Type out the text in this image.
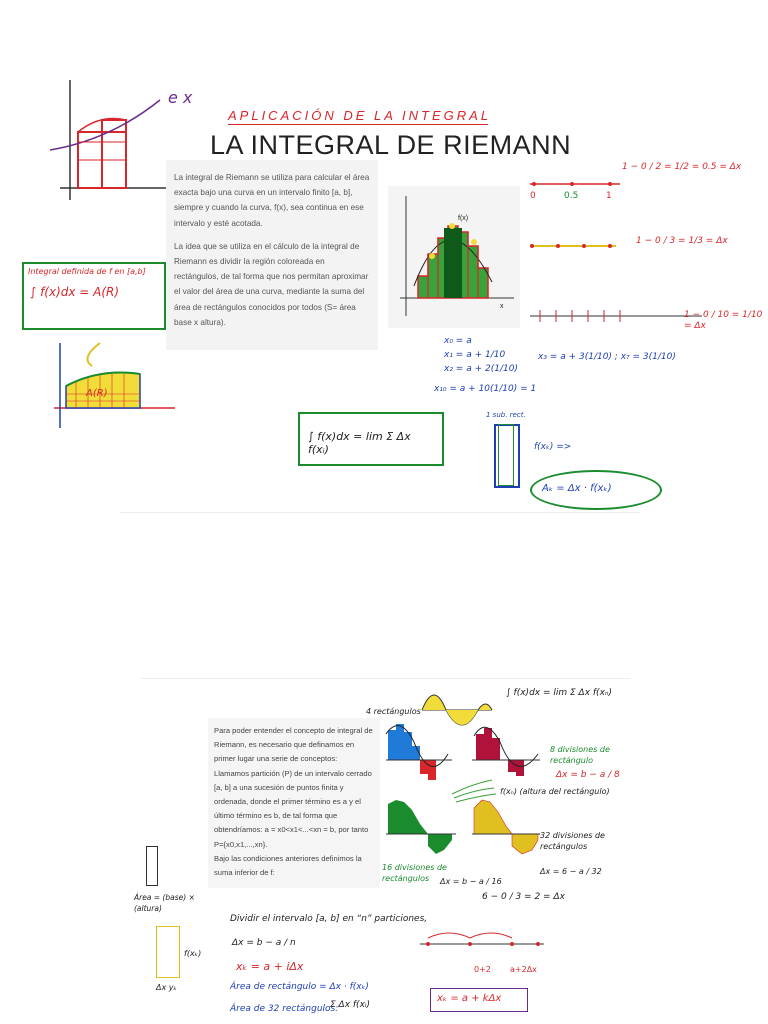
APLICACIÓN DE LA INTEGRAL
LA INTEGRAL DE RIEMANN
e x

La integral de Riemann se utiliza para calcular el área exacta bajo una curva en un intervalo finito [a, b], siempre y cuando la curva, f(x), sea continua en ese intervalo y esté acotada.

La idea que se utiliza en el cálculo de la integral de Riemann es dividir la región coloreada en rectángulos, de tal forma que nos permitan aproximar el valor del área de una curva, mediante la suma del área de rectángulos conocidos por todos (S= área base x altura).

Integral definida de f en [a,b]
∫ f(x)dx = A(R)
A(R)
f(x)
x
0	0.5	1
1 − 0 / 2 = 1/2 = 0.5 = Δx
1 − 0 / 3 = 1/3 = Δx
1 − 0 / 10 = 1/10 = Δx
x₀ = a
x₁ = a + 1/10
x₂ = a + 2(1/10)
x₁₀ = a + 10(1/10) = 1
x₃ = a + 3(1/10) ; x₇ = 3(1/10)
∫ f(x)dx = lim Σ Δx f(xᵢ)
1 sub. rect.
f(xₖ) =>
Aₖ = Δx · f(xₖ)

Para poder entender el concepto de integral de Riemann, es necesario que definamos en primer lugar una serie de conceptos: Llamamos partición (P) de un intervalo cerrado [a, b] a una sucesión de puntos finita y ordenada, donde el primer término es a y el último término es b, de tal forma que obtendríamos: a = x0<x1<...<xn = b, por tanto P={x0,x1,...,xn}.

Bajo las condiciones anteriores definimos la suma inferior de f:

4 rectángulos
∫ f(x)dx = lim Σ Δx f(xₙ)
8 divisiones de rectángulo
Δx = b − a / 8
f(xₙ) (altura del rectángulo)
16 divisiones de rectángulos	Δx = b − a / 16
32 divisiones de rectángulos
Δx = 6 − a / 32
Área = (base) × (altura)
f(xₖ)
Δx yₖ
6 − 0 / 3 = 2 = Δx
Dividir el intervalo [a, b] en “n” particiones,
Δx = b − a / n
xₖ = a + iΔx
Área de rectángulo = Δx · f(xₖ)
Área de 32 rectángulos:
Σ Δx f(xᵢ)
0+2 a+2Δx
xₖ = a + kΔx
